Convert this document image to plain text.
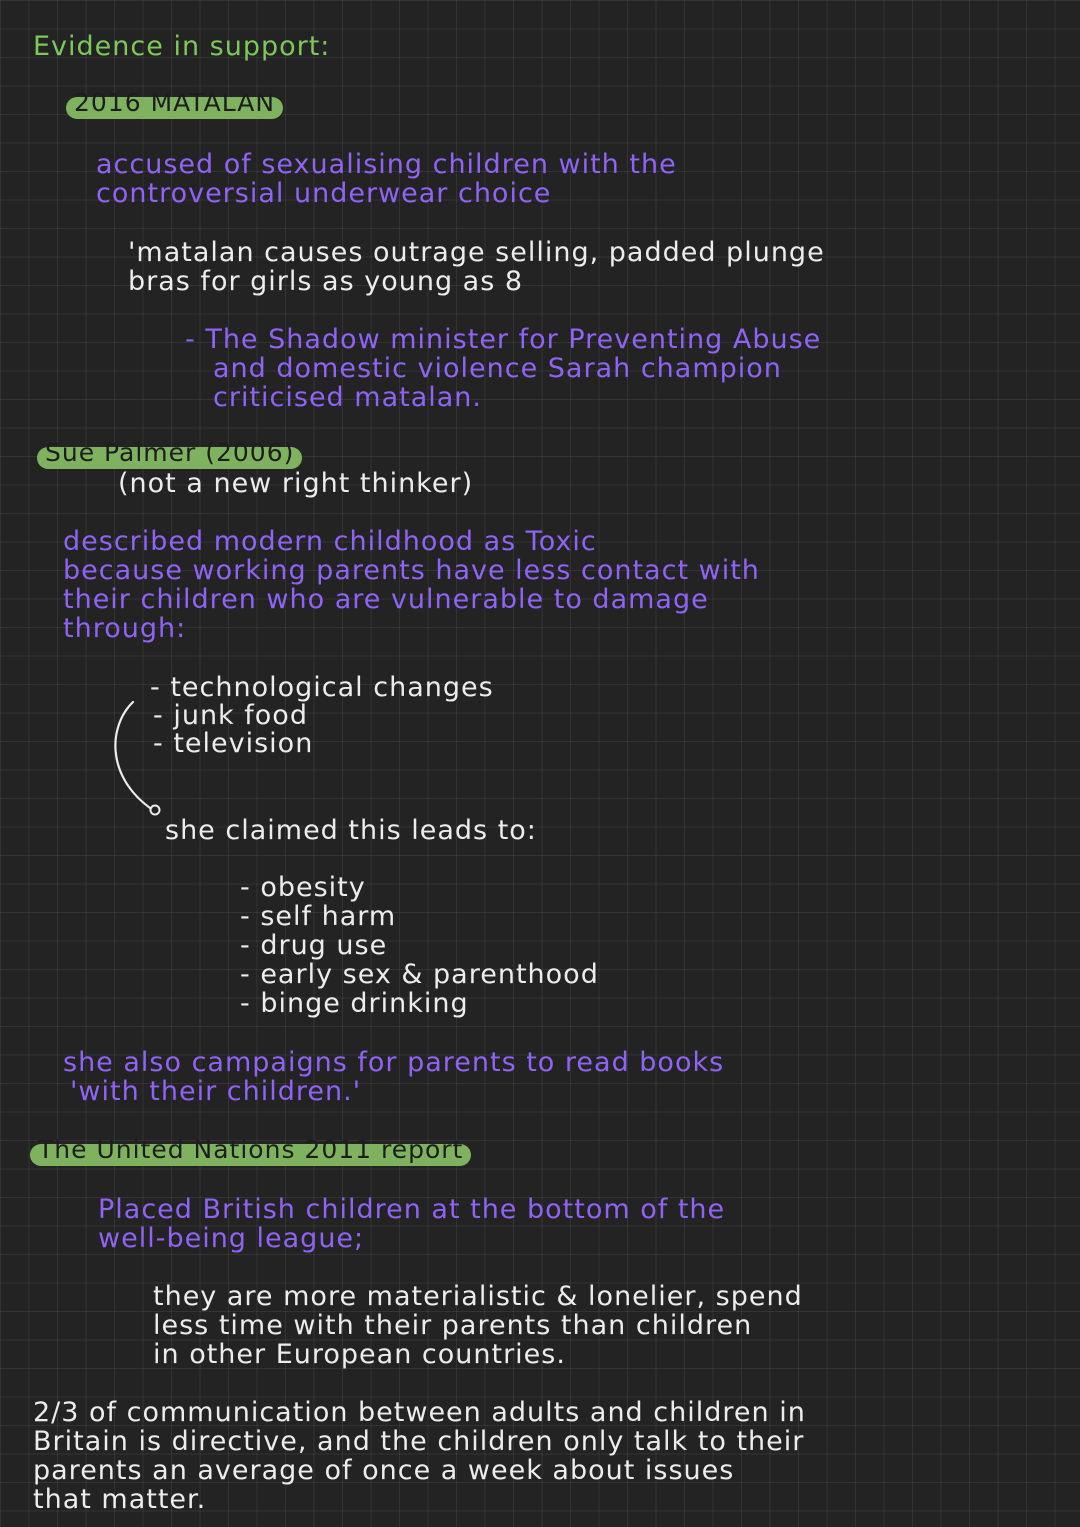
Evidence in support:
2016 MATALAN
accused of sexualising children with the
controversial underwear choice
'matalan causes outrage selling, padded plunge
bras for girls as young as 8
- The Shadow minister for Preventing Abuse
and domestic violence Sarah champion
criticised matalan.
Sue Palmer (2006)
(not a new right thinker)
described modern childhood as Toxic
because working parents have less contact with
their children who are vulnerable to damage
through:
- technological changes
- junk food
- television
she claimed this leads to:
- obesity
- self harm
- drug use
- early sex & parenthood
- binge drinking
she also campaigns for parents to read books
'with their children.'
The United Nations 2011 report
Placed British children at the bottom of the
well-being league;
they are more materialistic & lonelier, spend
less time with their parents than children
in other European countries.
2/3 of communication between adults and children in
Britain is directive, and the children only talk to their
parents an average of once a week about issues
that matter.
